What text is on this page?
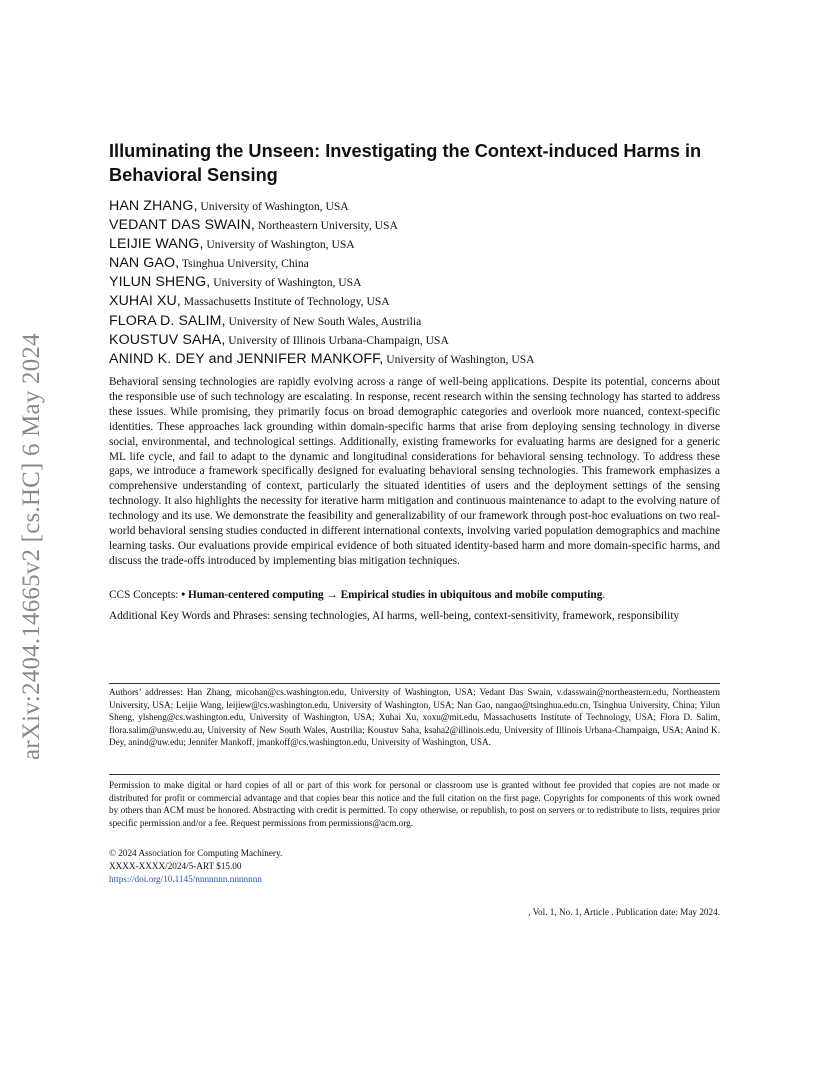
arXiv:2404.14665v2 [cs.HC] 6 May 2024
Illuminating the Unseen: Investigating the Context-induced Harms in Behavioral Sensing
HAN ZHANG, University of Washington, USA
VEDANT DAS SWAIN, Northeastern University, USA
LEIJIE WANG, University of Washington, USA
NAN GAO, Tsinghua University, China
YILUN SHENG, University of Washington, USA
XUHAI XU, Massachusetts Institute of Technology, USA
FLORA D. SALIM, University of New South Wales, Austrilia
KOUSTUV SAHA, University of Illinois Urbana-Champaign, USA
ANIND K. DEY and JENNIFER MANKOFF, University of Washington, USA

Behavioral sensing technologies are rapidly evolving across a range of well-being applications. Despite its potential, concerns about the responsible use of such technology are escalating. In response, recent research within the sensing technology has started to address these issues. While promising, they primarily focus on broad demographic categories and overlook more nuanced, context-specific identities. These approaches lack grounding within domain-specific harms that arise from deploying sensing technology in diverse social, environmental, and technological settings. Additionally, existing frameworks for evaluating harms are designed for a generic ML life cycle, and fail to adapt to the dynamic and longitudinal considerations for behavioral sensing technology. To address these gaps, we introduce a framework specifically designed for evaluating behavioral sensing technologies. This framework emphasizes a comprehensive understanding of context, particularly the situated identities of users and the deployment settings of the sensing technology. It also highlights the necessity for iterative harm mitigation and continuous maintenance to adapt to the evolving nature of technology and its use. We demonstrate the feasibility and generalizability of our framework through post-hoc evaluations on two real-world behavioral sensing studies conducted in different international contexts, involving varied population demographics and machine learning tasks. Our evaluations provide empirical evidence of both situated identity-based harm and more domain-specific harms, and discuss the trade-offs introduced by implementing bias mitigation techniques.

CCS Concepts: • Human-centered computing → Empirical studies in ubiquitous and mobile computing.

Additional Key Words and Phrases: sensing technologies, AI harms, well-being, context-sensitivity, framework, responsibility

Authors’ addresses: Han Zhang, micohan@cs.washington.edu, University of Washington, USA; Vedant Das Swain, v.dasswain@northeastern.edu, Northeastern University, USA; Leijie Wang, leijiew@cs.washington.edu, University of Washington, USA; Nan Gao, nangao@tsinghua.edu.cn, Tsinghua University, China; Yilun Sheng, ylsheng@cs.washington.edu, University of Washington, USA; Xuhai Xu, xoxu@mit.edu, Massachusetts Institute of Technology, USA; Flora D. Salim, flora.salim@unsw.edu.au, University of New South Wales, Austrilia; Koustuv Saha, ksaha2@illinois.edu, University of Illinois Urbana-Champaign, USA; Anind K. Dey, anind@uw.edu; Jennifer Mankoff, jmankoff@cs.washington.edu, University of Washington, USA.

Permission to make digital or hard copies of all or part of this work for personal or classroom use is granted without fee provided that copies are not made or distributed for profit or commercial advantage and that copies bear this notice and the full citation on the first page. Copyrights for components of this work owned by others than ACM must be honored. Abstracting with credit is permitted. To copy otherwise, or republish, to post on servers or to redistribute to lists, requires prior specific permission and/or a fee. Request permissions from permissions@acm.org.

© 2024 Association for Computing Machinery.

XXXX-XXXX/2024/5-ART $15.00

https://doi.org/10.1145/nnnnnnn.nnnnnnn

, Vol. 1, No. 1, Article . Publication date: May 2024.
